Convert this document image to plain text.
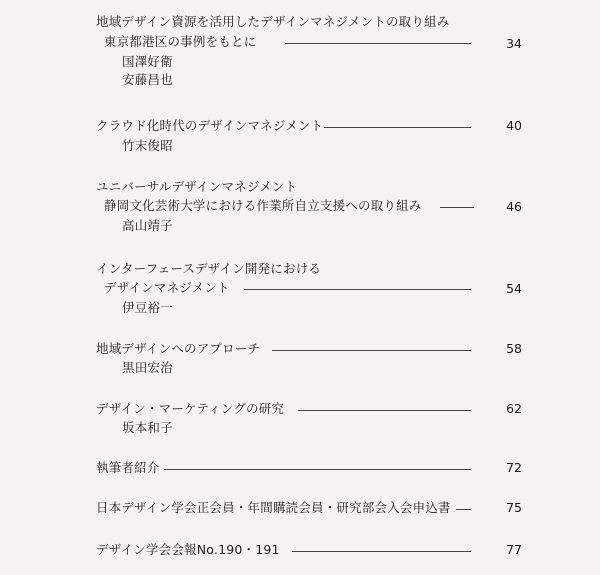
地域デザイン資源を活用したデザインマネジメントの取り組み
東京都港区の事例をもとに	34
国澤好衛
安藤昌也
クラウド化時代のデザインマネジメント	40
竹末俊昭
ユニバーサルデザインマネジメント
静岡文化芸術大学における作業所自立支援への取り組み	46
高山靖子
インターフェースデザイン開発における
デザインマネジメント	54
伊豆裕一
地域デザインへのアプローチ	58
黒田宏治
デザイン・マーケティングの研究	62
坂本和子
執筆者紹介	72
日本デザイン学会正会員・年間購読会員・研究部会入会申込書	75
デザイン学会会報No.190・191	77
